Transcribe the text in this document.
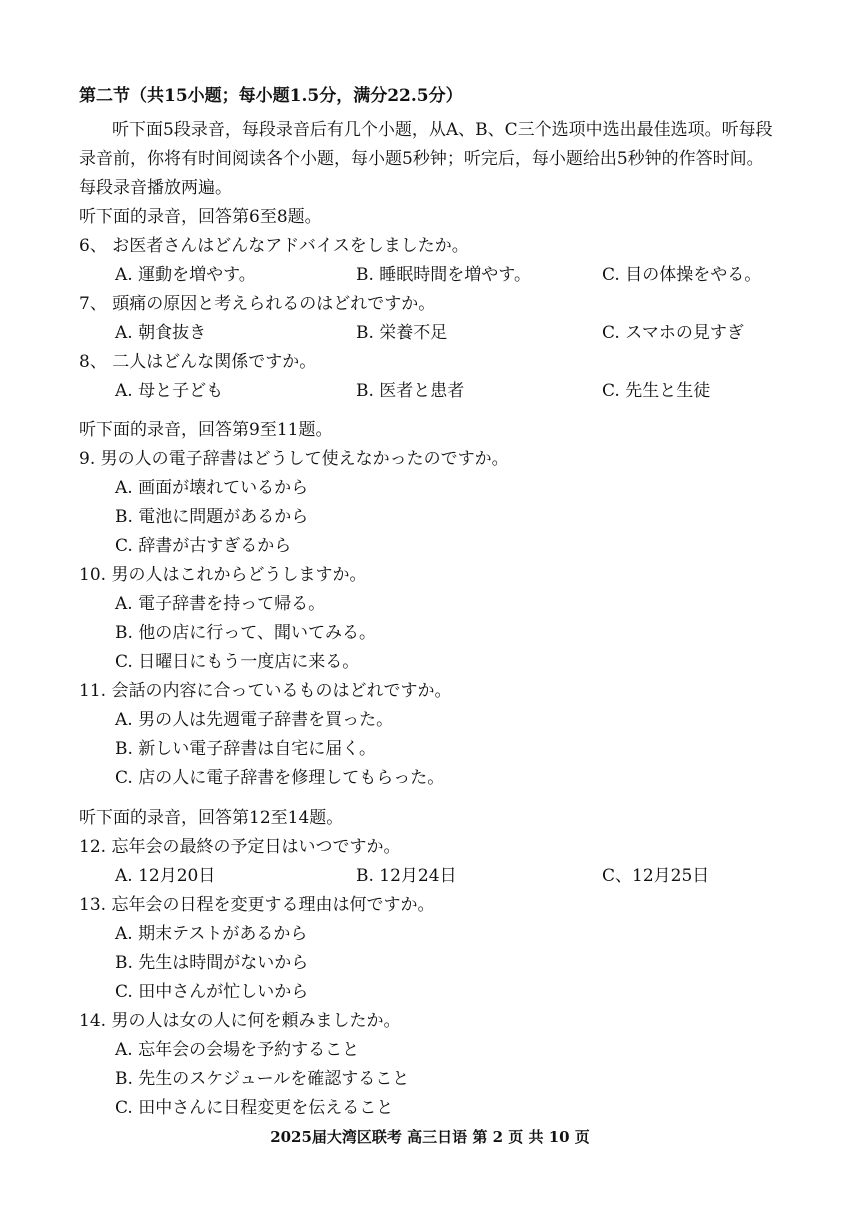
第二节（共15小题；每小题1.5分，满分22.5分）
听下面5段录音，每段录音后有几个小题，从A、B、C三个选项中选出最佳选项。听每段
录音前，你将有时间阅读各个小题，每小题5秒钟；听完后，每小题给出5秒钟的作答时间。
每段录音播放两遍。
听下面的录音，回答第6至8题。
6、 お医者さんはどんなアドバイスをしましたか。
A. 運動を増やす。	B. 睡眠時間を増やす。	C. 目の体操をやる。
7、 頭痛の原因と考えられるのはどれですか。
A. 朝食抜き	B. 栄養不足	C. スマホの見すぎ
8、 二人はどんな関係ですか。
A. 母と子ども	B. 医者と患者	C. 先生と生徒
听下面的录音，回答第9至11题。
9. 男の人の電子辞書はどうして使えなかったのですか。
A. 画面が壊れているから
B. 電池に問題があるから
C. 辞書が古すぎるから
10. 男の人はこれからどうしますか。
A. 電子辞書を持って帰る。
B. 他の店に行って、聞いてみる。
C. 日曜日にもう一度店に来る。
11. 会話の内容に合っているものはどれですか。
A. 男の人は先週電子辞書を買った。
B. 新しい電子辞書は自宅に届く。
C. 店の人に電子辞書を修理してもらった。
听下面的录音，回答第12至14题。
12. 忘年会の最終の予定日はいつですか。
A. 12月20日	B. 12月24日	C、12月25日
13. 忘年会の日程を変更する理由は何ですか。
A. 期末テストがあるから
B. 先生は時間がないから
C. 田中さんが忙しいから
14. 男の人は女の人に何を頼みましたか。
A. 忘年会の会場を予約すること
B. 先生のスケジュールを確認すること
C. 田中さんに日程変更を伝えること
2025届大湾区联考 高三日语 第 2 页 共 10 页
